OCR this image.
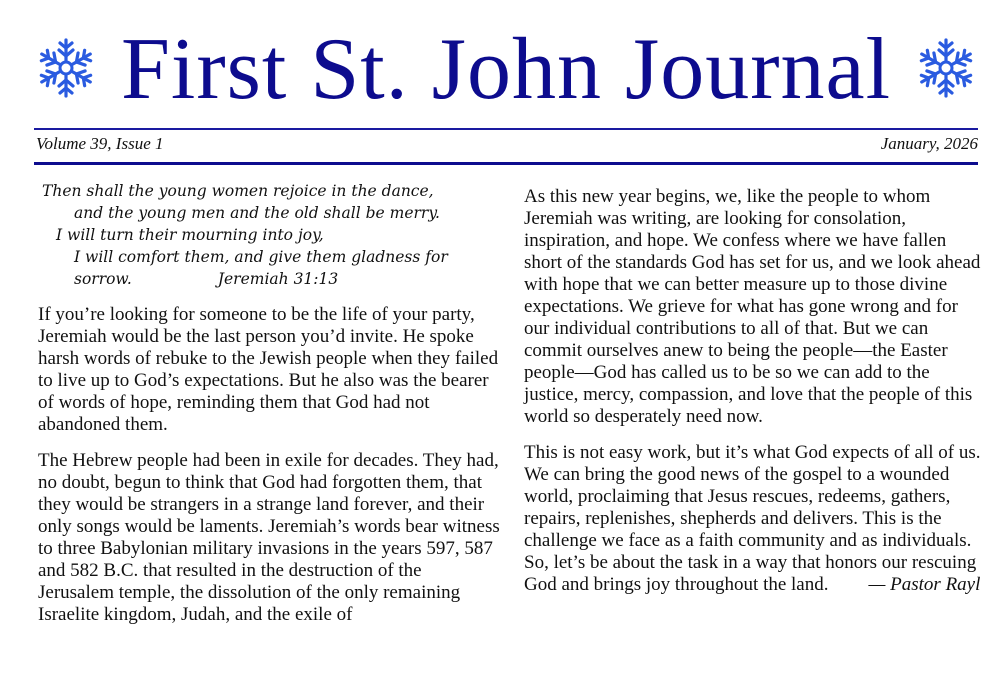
First St. John Journal
Volume 39, Issue 1	January, 2026
Then shall the young women rejoice in the dance,
and the young men and the old shall be merry.
I will turn their mourning into joy,
I will comfort them, and give them gladness for
sorrow.	Jeremiah 31:13

If you’re looking for someone to be the life of your party, Jeremiah would be the last person you’d invite. He spoke harsh words of rebuke to the Jewish people when they failed to live up to God’s expectations. But he also was the bearer of words of hope, reminding them that God had not abandoned them.

The Hebrew people had been in exile for decades. They had, no doubt, begun to think that God had forgotten them, that they would be strangers in a strange land forever, and their only songs would be laments. Jeremiah’s words bear witness to three Babylonian military invasions in the years 597, 587 and 582 B.C. that resulted in the destruction of the Jerusalem temple, the dissolution of the only remaining Israelite kingdom, Judah, and the exile of

As this new year begins, we, like the people to whom Jeremiah was writing, are looking for consolation, inspiration, and hope. We confess where we have fallen short of the standards God has set for us, and we look ahead with hope that we can better measure up to those divine expectations. We grieve for what has gone wrong and for our individual contributions to all of that. But we can commit ourselves anew to being the people—the Easter people—God has called us to be so we can add to the justice, mercy, compassion, and love that the people of this world so desperately need now.

This is not easy work, but it’s what God expects of all of us. We can bring the good news of the gospel to a wounded world, proclaiming that Jesus rescues, redeems, gathers, repairs, replenishes, shepherds and delivers. This is the challenge we face as a faith community and as individuals. So, let’s be about the task in a way that honors our rescuing God and brings joy throughout the land. — Pastor Rayl
